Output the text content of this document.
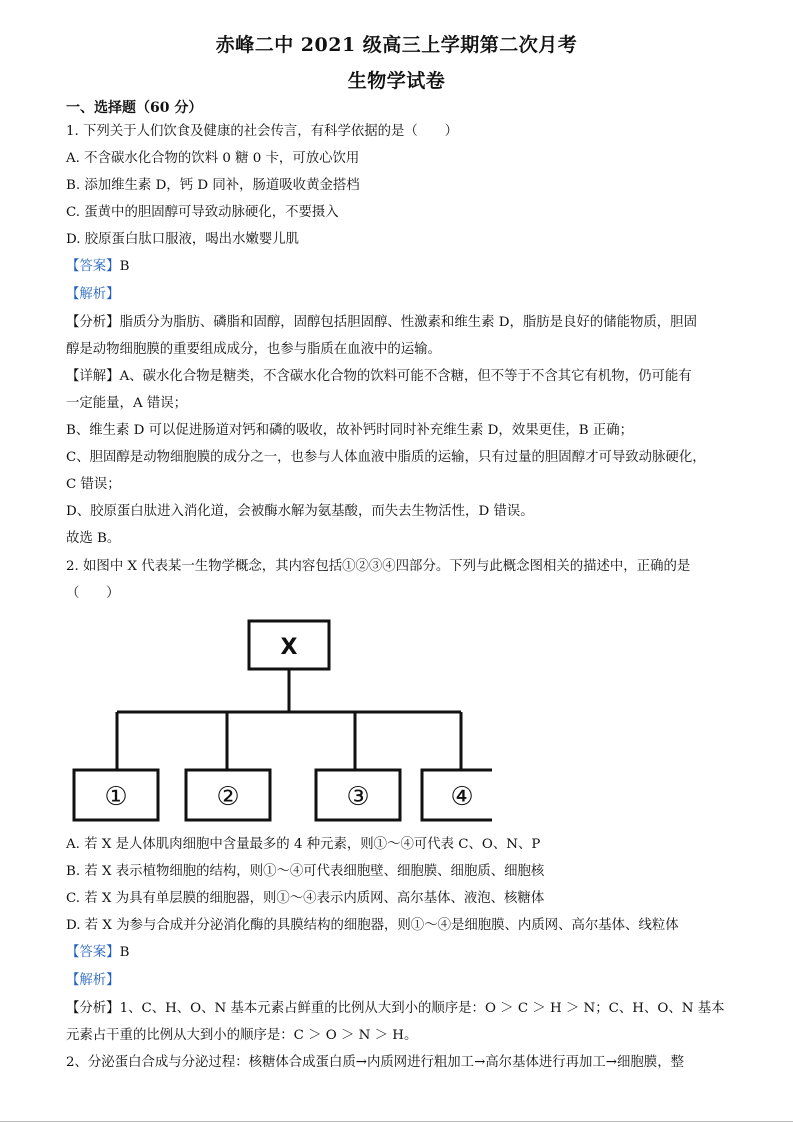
赤峰二中 2021 级高三上学期第二次月考
生物学试卷
一、选择题（60 分）
1. 下列关于人们饮食及健康的社会传言，有科学依据的是（　　）
A. 不含碳水化合物的饮料 0 糖 0 卡，可放心饮用
B. 添加维生素 D，钙 D 同补，肠道吸收黄金搭档
C. 蛋黄中的胆固醇可导致动脉硬化，不要摄入
D. 胶原蛋白肽口服液，喝出水嫩婴儿肌
【答案】B
【解析】
【分析】脂质分为脂肪、磷脂和固醇，固醇包括胆固醇、性激素和维生素 D，脂肪是良好的储能物质，胆固
醇是动物细胞膜的重要组成成分，也参与脂质在血液中的运输。
【详解】A、碳水化合物是糖类，不含碳水化合物的饮料可能不含糖，但不等于不含其它有机物，仍可能有
一定能量，A 错误；
B、维生素 D 可以促进肠道对钙和磷的吸收，故补钙时同时补充维生素 D，效果更佳，B 正确；
C、胆固醇是动物细胞膜的成分之一，也参与人体血液中脂质的运输，只有过量的胆固醇才可导致动脉硬化，
C 错误；
D、胶原蛋白肽进入消化道，会被酶水解为氨基酸，而失去生物活性，D 错误。
故选 B。
2. 如图中 X 代表某一生物学概念，其内容包括①②③④四部分。下列与此概念图相关的描述中，正确的是
（　　）
X
①	②	③	④
A. 若 X 是人体肌肉细胞中含量最多的 4 种元素，则①～④可代表 C、O、N、P
B. 若 X 表示植物细胞的结构，则①～④可代表细胞壁、细胞膜、细胞质、细胞核
C. 若 X 为具有单层膜的细胞器，则①～④表示内质网、高尔基体、液泡、核糖体
D. 若 X 为参与合成并分泌消化酶的具膜结构的细胞器，则①～④是细胞膜、内质网、高尔基体、线粒体
【答案】B
【解析】
【分析】1、C、H、O、N 基本元素占鲜重的比例从大到小的顺序是：O ＞ C ＞ H ＞ N；C、H、O、N 基本
元素占干重的比例从大到小的顺序是：C ＞ O ＞ N ＞ H。
2、分泌蛋白合成与分泌过程：核糖体合成蛋白质→内质网进行粗加工→高尔基体进行再加工→细胞膜，整
